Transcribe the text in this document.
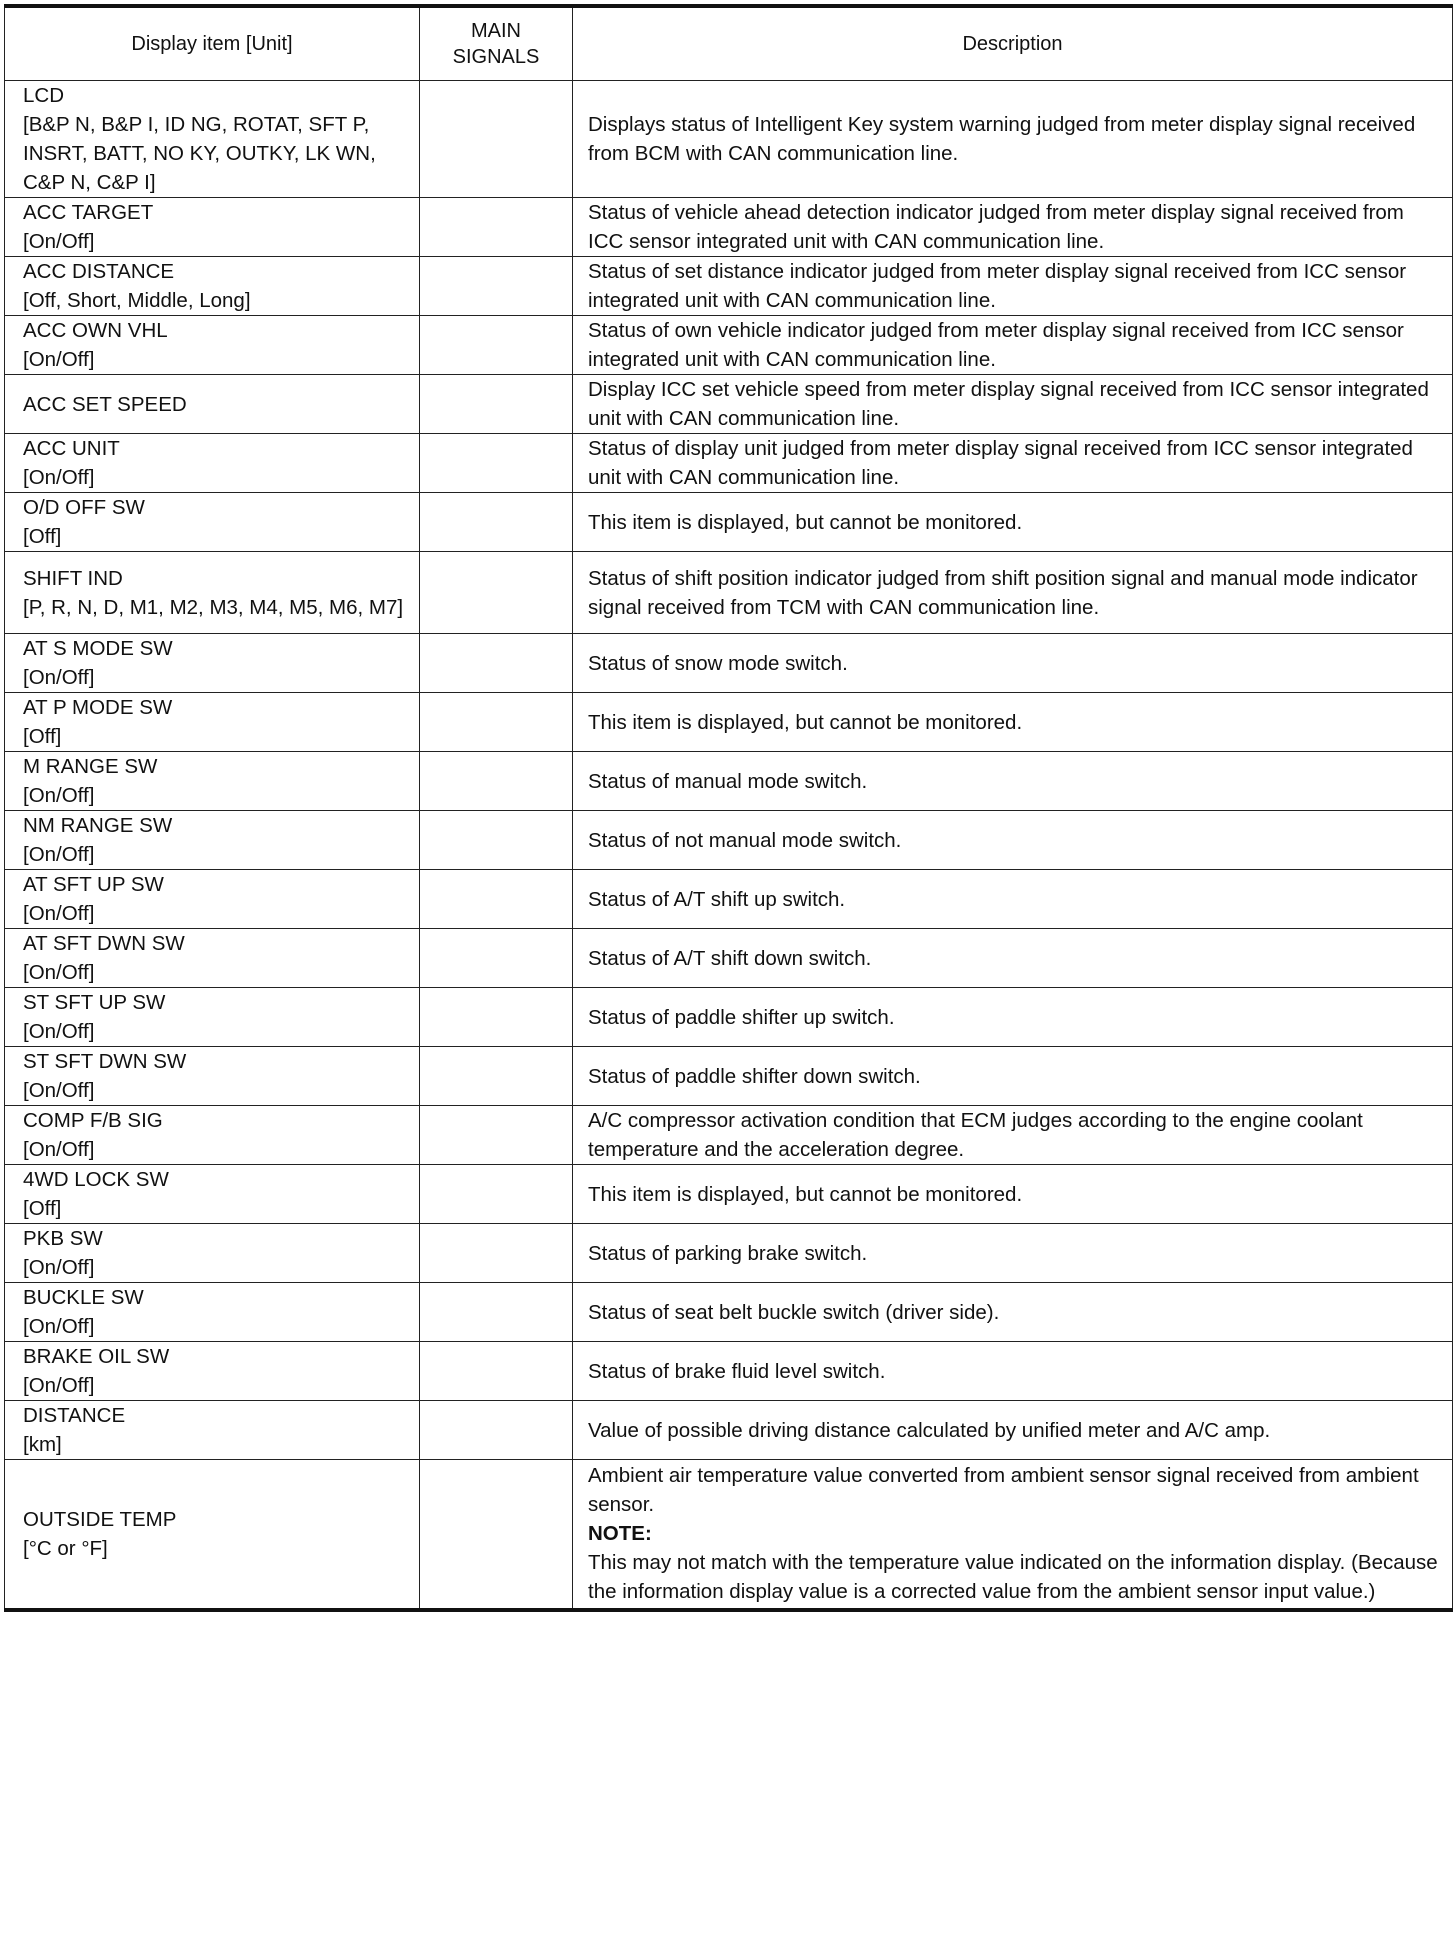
Display item [Unit]	MAIN
SIGNALS	Description

LCD
[B&P N, B&P I, ID NG, ROTAT, SFT P, INSRT, BATT, NO KY, OUTKY, LK WN, C&P N, C&P I]		Displays status of Intelligent Key system warning judged from meter display signal received from BCM with CAN communication line.

ACC TARGET
[On/Off]		Status of vehicle ahead detection indicator judged from meter display signal received from ICC sensor integrated unit with CAN communication line.

ACC DISTANCE
[Off, Short, Middle, Long]		Status of set distance indicator judged from meter display signal received from ICC sensor integrated unit with CAN communication line.

ACC OWN VHL
[On/Off]		Status of own vehicle indicator judged from meter display signal received from ICC sensor integrated unit with CAN communication line.

ACC SET SPEED		Display ICC set vehicle speed from meter display signal received from ICC sensor integrated unit with CAN communication line.

ACC UNIT
[On/Off]		Status of display unit judged from meter display signal received from ICC sensor integrated unit with CAN communication line.

O/D OFF SW
[Off]		This item is displayed, but cannot be monitored.

SHIFT IND
[P, R, N, D, M1, M2, M3, M4, M5, M6, M7]		Status of shift position indicator judged from shift position signal and manual mode indicator signal received from TCM with CAN communication line.

AT S MODE SW
[On/Off]		Status of snow mode switch.

AT P MODE SW
[Off]		This item is displayed, but cannot be monitored.

M RANGE SW
[On/Off]		Status of manual mode switch.

NM RANGE SW
[On/Off]		Status of not manual mode switch.

AT SFT UP SW
[On/Off]		Status of A/T shift up switch.

AT SFT DWN SW
[On/Off]		Status of A/T shift down switch.

ST SFT UP SW
[On/Off]		Status of paddle shifter up switch.

ST SFT DWN SW
[On/Off]		Status of paddle shifter down switch.

COMP F/B SIG
[On/Off]		A/C compressor activation condition that ECM judges according to the engine coolant temperature and the acceleration degree.

4WD LOCK SW
[Off]		This item is displayed, but cannot be monitored.

PKB SW
[On/Off]		Status of parking brake switch.

BUCKLE SW
[On/Off]		Status of seat belt buckle switch (driver side).

BRAKE OIL SW
[On/Off]		Status of brake fluid level switch.

DISTANCE
[km]		Value of possible driving distance calculated by unified meter and A/C amp.

OUTSIDE TEMP
[°C or °F]		Ambient air temperature value converted from ambient sensor signal received from ambient sensor.
NOTE:
This may not match with the temperature value indicated on the information display. (Because the information display value is a corrected value from the ambient sensor input value.)
